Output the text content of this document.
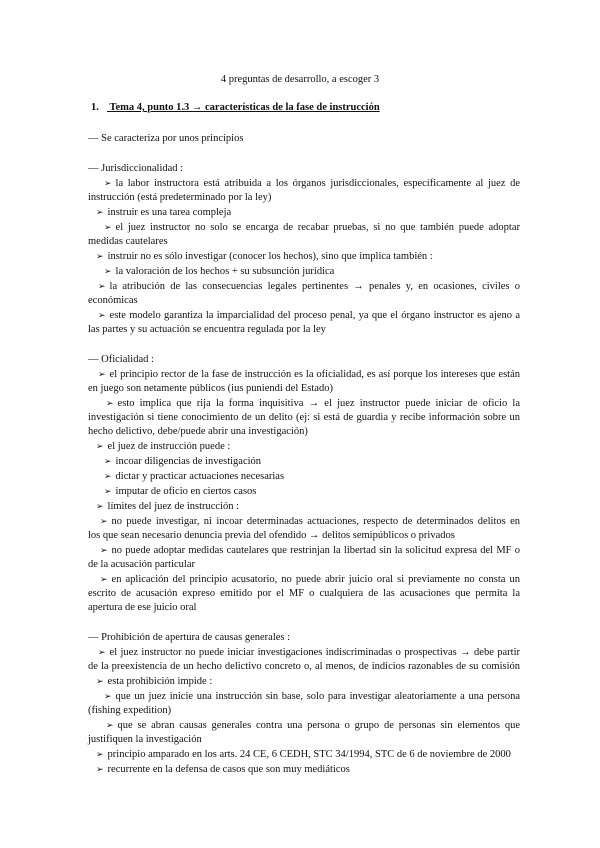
4 preguntas de desarrollo, a escoger 3
1. Tema 4, punto 1.3 → características de la fase de instrucción
— Se caracteriza por unos principios
— Jurisdiccionalidad :
➢ la labor instructora está atribuida a los órganos jurisdiccionales, específicamente al juez de
instrucción (está predeterminado por la ley)
➢ instruir es una tarea compleja
➢ el juez instructor no solo se encarga de recabar pruebas, si no que también puede adoptar
medidas cautelares
➢ instruir no es sólo investigar (conocer los hechos), sino que implica también :
➢ la valoración de los hechos + su subsunción jurídica
➢ la atribución de las consecuencias legales pertinentes → penales y, en ocasiones, civiles o
económicas
➢ este modelo garantiza la imparcialidad del proceso penal, ya que el órgano instructor es ajeno a
las partes y su actuación se encuentra regulada por la ley
— Oficialidad :
➢ el principio rector de la fase de instrucción es la oficialidad, es así porque los intereses que están
en juego son netamente públicos (ius puniendi del Estado)
➢ esto implica que rija la forma inquisitiva → el juez instructor puede iniciar de oficio la
investigación si tiene conocimiento de un delito (ej: si está de guardia y recibe información sobre un
hecho delictivo, debe/puede abrir una investigación)
➢ el juez de instrucción puede :
➢ incoar diligencias de investigación
➢ dictar y practicar actuaciones necesarias
➢ imputar de oficio en ciertos casos
➢ límites del juez de instrucción :
➢ no puede investigar, ni incoar determinadas actuaciones, respecto de determinados delitos en
los que sean necesario denuncia previa del ofendido → delitos semipúblicos o privados
➢ no puede adoptar medidas cautelares que restrinjan la libertad sin la solicitud expresa del MF o
de la acusación particular
➢ en aplicación del principio acusatorio, no puede abrir juicio oral si previamente no consta un
escrito de acusación expreso emitido por el MF o cualquiera de las acusaciones que permita la
apertura de ese juicio oral
— Prohibición de apertura de causas generales :
➢ el juez instructor no puede iniciar investigaciones indiscriminadas o prospectivas → debe partir
de la preexistencia de un hecho delictivo concreto o, al menos, de indicios razonables de su comisión
➢ esta prohibición impide :
➢ que un juez inicie una instrucción sin base, solo para investigar aleatoriamente a una persona
(fishing expedition)
➢ que se abran causas generales contra una persona o grupo de personas sin elementos que
justifiquen la investigación
➢ principio amparado en los arts. 24 CE, 6 CEDH, STC 34/1994, STC de 6 de noviembre de 2000
➢ recurrente en la defensa de casos que son muy mediáticos
